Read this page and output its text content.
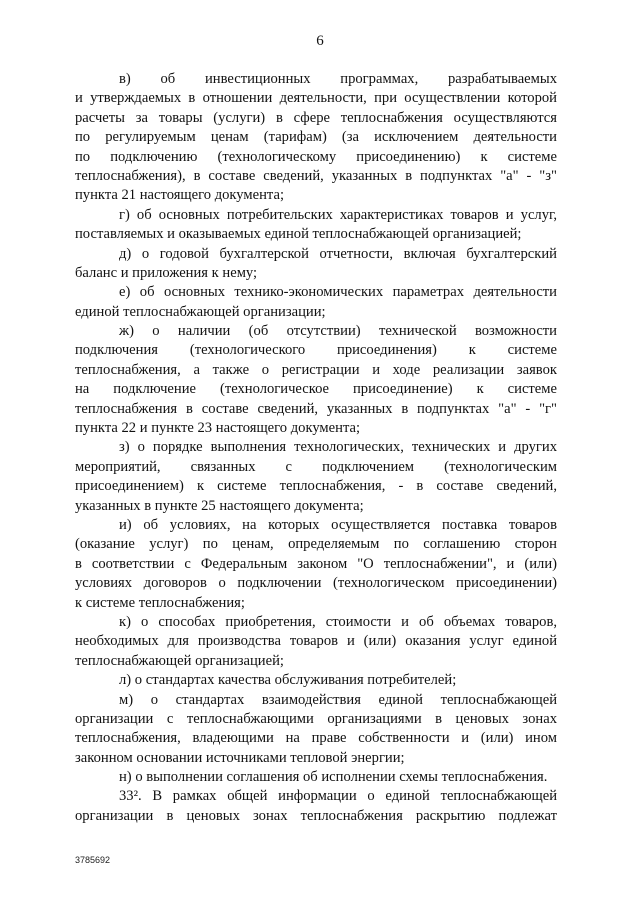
6
в) об инвестиционных программах, разрабатываемых
и утверждаемых в отношении деятельности, при осуществлении которой
расчеты за товары (услуги) в сфере теплоснабжения осуществляются
по регулируемым ценам (тарифам) (за исключением деятельности
по подключению (технологическому присоединению) к системе
теплоснабжения), в составе сведений, указанных в подпунктах "а" - "з"
пункта 21 настоящего документа;
г) об основных потребительских характеристиках товаров и услуг,
поставляемых и оказываемых единой теплоснабжающей организацией;
д) о годовой бухгалтерской отчетности, включая бухгалтерский
баланс и приложения к нему;
е) об основных технико-экономических параметрах деятельности
единой теплоснабжающей организации;
ж) о наличии (об отсутствии) технической возможности
подключения (технологического присоединения) к системе
теплоснабжения, а также о регистрации и ходе реализации заявок
на подключение (технологическое присоединение) к системе
теплоснабжения в составе сведений, указанных в подпунктах "а" - "г"
пункта 22 и пункте 23 настоящего документа;
з) о порядке выполнения технологических, технических и других
мероприятий, связанных с подключением (технологическим
присоединением) к системе теплоснабжения, - в составе сведений,
указанных в пункте 25 настоящего документа;
и) об условиях, на которых осуществляется поставка товаров
(оказание услуг) по ценам, определяемым по соглашению сторон
в соответствии с Федеральным законом "О теплоснабжении", и (или)
условиях договоров о подключении (технологическом присоединении)
к системе теплоснабжения;
к) о способах приобретения, стоимости и об объемах товаров,
необходимых для производства товаров и (или) оказания услуг единой
теплоснабжающей организацией;
л) о стандартах качества обслуживания потребителей;
м) о стандартах взаимодействия единой теплоснабжающей
организации с теплоснабжающими организациями в ценовых зонах
теплоснабжения, владеющими на праве собственности и (или) ином
законном основании источниками тепловой энергии;
н) о выполнении соглашения об исполнении схемы теплоснабжения.
33². В рамках общей информации о единой теплоснабжающей
организации в ценовых зонах теплоснабжения раскрытию подлежат
3785692
